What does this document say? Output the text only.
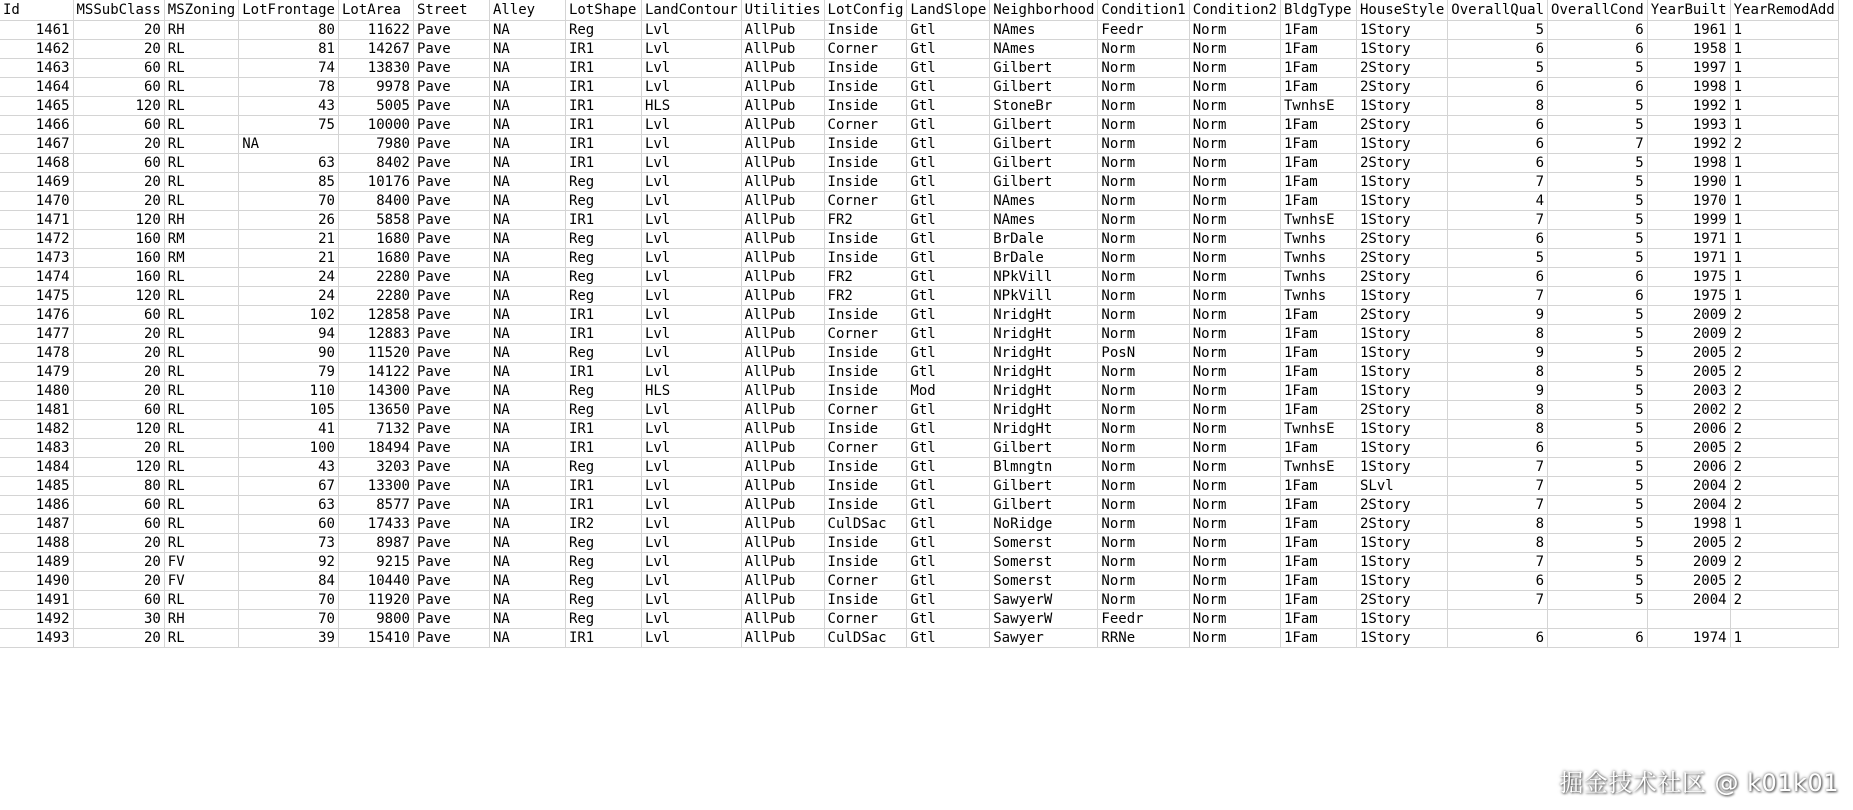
Id	MSSubClass	MSZoning	LotFrontage	LotArea	Street	Alley	LotShape	LandContour	Utilities	LotConfig	LandSlope	Neighborhood	Condition1	Condition2	BldgType	HouseStyle	OverallQual	OverallCond	YearBuilt	YearRemodAdd
1461	20	RH	80	11622	Pave	NA	Reg	Lvl	AllPub	Inside	Gtl	NAmes	Feedr	Norm	1Fam	1Story	5	6	1961	1
1462	20	RL	81	14267	Pave	NA	IR1	Lvl	AllPub	Corner	Gtl	NAmes	Norm	Norm	1Fam	1Story	6	6	1958	1
1463	60	RL	74	13830	Pave	NA	IR1	Lvl	AllPub	Inside	Gtl	Gilbert	Norm	Norm	1Fam	2Story	5	5	1997	1
1464	60	RL	78	9978	Pave	NA	IR1	Lvl	AllPub	Inside	Gtl	Gilbert	Norm	Norm	1Fam	2Story	6	6	1998	1
1465	120	RL	43	5005	Pave	NA	IR1	HLS	AllPub	Inside	Gtl	StoneBr	Norm	Norm	TwnhsE	1Story	8	5	1992	1
1466	60	RL	75	10000	Pave	NA	IR1	Lvl	AllPub	Corner	Gtl	Gilbert	Norm	Norm	1Fam	2Story	6	5	1993	1
1467	20	RL	NA	7980	Pave	NA	IR1	Lvl	AllPub	Inside	Gtl	Gilbert	Norm	Norm	1Fam	1Story	6	7	1992	2
1468	60	RL	63	8402	Pave	NA	IR1	Lvl	AllPub	Inside	Gtl	Gilbert	Norm	Norm	1Fam	2Story	6	5	1998	1
1469	20	RL	85	10176	Pave	NA	Reg	Lvl	AllPub	Inside	Gtl	Gilbert	Norm	Norm	1Fam	1Story	7	5	1990	1
1470	20	RL	70	8400	Pave	NA	Reg	Lvl	AllPub	Corner	Gtl	NAmes	Norm	Norm	1Fam	1Story	4	5	1970	1
1471	120	RH	26	5858	Pave	NA	IR1	Lvl	AllPub	FR2	Gtl	NAmes	Norm	Norm	TwnhsE	1Story	7	5	1999	1
1472	160	RM	21	1680	Pave	NA	Reg	Lvl	AllPub	Inside	Gtl	BrDale	Norm	Norm	Twnhs	2Story	6	5	1971	1
1473	160	RM	21	1680	Pave	NA	Reg	Lvl	AllPub	Inside	Gtl	BrDale	Norm	Norm	Twnhs	2Story	5	5	1971	1
1474	160	RL	24	2280	Pave	NA	Reg	Lvl	AllPub	FR2	Gtl	NPkVill	Norm	Norm	Twnhs	2Story	6	6	1975	1
1475	120	RL	24	2280	Pave	NA	Reg	Lvl	AllPub	FR2	Gtl	NPkVill	Norm	Norm	Twnhs	1Story	7	6	1975	1
1476	60	RL	102	12858	Pave	NA	IR1	Lvl	AllPub	Inside	Gtl	NridgHt	Norm	Norm	1Fam	2Story	9	5	2009	2
1477	20	RL	94	12883	Pave	NA	IR1	Lvl	AllPub	Corner	Gtl	NridgHt	Norm	Norm	1Fam	1Story	8	5	2009	2
1478	20	RL	90	11520	Pave	NA	Reg	Lvl	AllPub	Inside	Gtl	NridgHt	PosN	Norm	1Fam	1Story	9	5	2005	2
1479	20	RL	79	14122	Pave	NA	IR1	Lvl	AllPub	Inside	Gtl	NridgHt	Norm	Norm	1Fam	1Story	8	5	2005	2
1480	20	RL	110	14300	Pave	NA	Reg	HLS	AllPub	Inside	Mod	NridgHt	Norm	Norm	1Fam	1Story	9	5	2003	2
1481	60	RL	105	13650	Pave	NA	Reg	Lvl	AllPub	Corner	Gtl	NridgHt	Norm	Norm	1Fam	2Story	8	5	2002	2
1482	120	RL	41	7132	Pave	NA	IR1	Lvl	AllPub	Inside	Gtl	NridgHt	Norm	Norm	TwnhsE	1Story	8	5	2006	2
1483	20	RL	100	18494	Pave	NA	IR1	Lvl	AllPub	Corner	Gtl	Gilbert	Norm	Norm	1Fam	1Story	6	5	2005	2
1484	120	RL	43	3203	Pave	NA	Reg	Lvl	AllPub	Inside	Gtl	Blmngtn	Norm	Norm	TwnhsE	1Story	7	5	2006	2
1485	80	RL	67	13300	Pave	NA	IR1	Lvl	AllPub	Inside	Gtl	Gilbert	Norm	Norm	1Fam	SLvl	7	5	2004	2
1486	60	RL	63	8577	Pave	NA	IR1	Lvl	AllPub	Inside	Gtl	Gilbert	Norm	Norm	1Fam	2Story	7	5	2004	2
1487	60	RL	60	17433	Pave	NA	IR2	Lvl	AllPub	CulDSac	Gtl	NoRidge	Norm	Norm	1Fam	2Story	8	5	1998	1
1488	20	RL	73	8987	Pave	NA	Reg	Lvl	AllPub	Inside	Gtl	Somerst	Norm	Norm	1Fam	1Story	8	5	2005	2
1489	20	FV	92	9215	Pave	NA	Reg	Lvl	AllPub	Inside	Gtl	Somerst	Norm	Norm	1Fam	1Story	7	5	2009	2
1490	20	FV	84	10440	Pave	NA	Reg	Lvl	AllPub	Corner	Gtl	Somerst	Norm	Norm	1Fam	1Story	6	5	2005	2
1491	60	RL	70	11920	Pave	NA	Reg	Lvl	AllPub	Inside	Gtl	SawyerW	Norm	Norm	1Fam	2Story	7	5	2004	2
1492	30	RH	70	9800	Pave	NA	Reg	Lvl	AllPub	Corner	Gtl	SawyerW	Feedr	Norm	1Fam	1Story				
1493	20	RL	39	15410	Pave	NA	IR1	Lvl	AllPub	CulDSac	Gtl	Sawyer	RRNe	Norm	1Fam	1Story	6	6	1974	1
掘金技术社区 @ k01k01
